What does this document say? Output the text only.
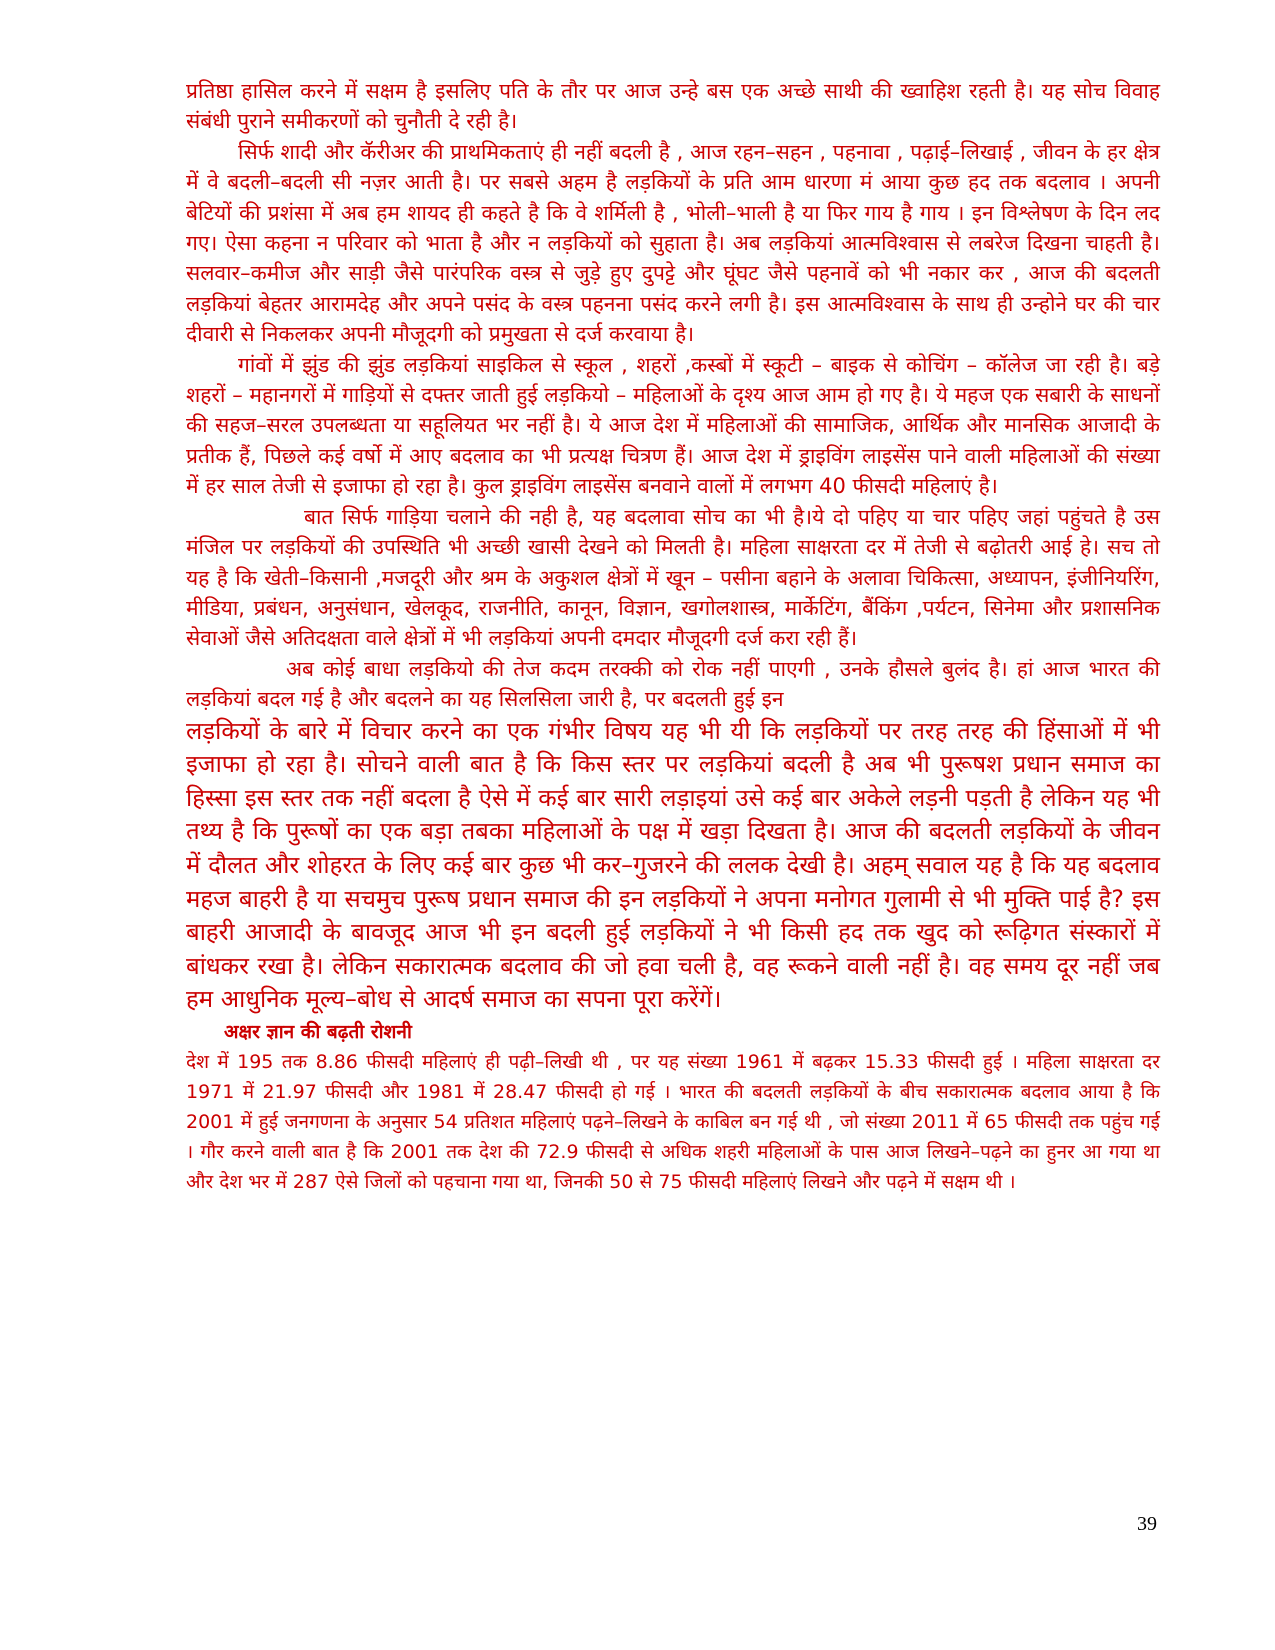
प्रतिष्ठा हासिल करने में सक्षम है इसलिए पति के तौर पर आज उन्हे बस एक अच्छे साथी की ख्वाहिश रहती है। यह सोच विवाह संबंधी पुराने समीकरणों को चुनौती दे रही है।

सिर्फ शादी और कॅरीअर की प्राथमिकताएं ही नहीं बदली है , आज रहन–सहन , पहनावा , पढ़ाई–लिखाई , जीवन के हर क्षेत्र में वे बदली–बदली सी नज़र आती है। पर सबसे अहम है लड़कियों के प्रति आम धारणा मं आया कुछ हद तक बदलाव । अपनी बेटियों की प्रशंसा में अब हम शायद ही कहते है कि वे शर्मिली है , भोली–भाली है या फिर गाय है गाय । इन विश्लेषण के दिन लद गए। ऐसा कहना न परिवार को भाता है और न लड़कियों को सुहाता है। अब लड़कियां आत्मविश्वास से लबरेज दिखना चाहती है। सलवार–कमीज और साड़ी जैसे पारंपरिक वस्त्र से जुड़े हुए दुपट्टे और घूंघट जैसे पहनावें को भी नकार कर , आज की बदलती लड़कियां बेहतर आरामदेह और अपने पसंद के वस्त्र पहनना पसंद करने लगी है। इस आत्मविश्वास के साथ ही उन्होने घर की चार दीवारी से निकलकर अपनी मौजूदगी को प्रमुखता से दर्ज करवाया है।

गांवों में झुंड की झुंड लड़कियां साइकिल से स्कूल , शहरों ,कस्बों में स्कूटी – बाइक से कोचिंग – कॉलेज जा रही है। बड़े शहरों – महानगरों में गाड़ियों से दफ्तर जाती हुई लड़कियो – महिलाओं के दृश्य आज आम हो गए है। ये महज एक सबारी के साधनों की सहज–सरल उपलब्धता या सहूलियत भर नहीं है। ये आज देश में महिलाओं की सामाजिक, आर्थिक और मानसिक आजादी के प्रतीक हैं, पिछले कई वर्षो में आए बदलाव का भी प्रत्यक्ष चित्रण हैं। आज देश में ड्राइविंग लाइसेंस पाने वाली महिलाओं की संख्या में हर साल तेजी से इजाफा हो रहा है। कुल ड्राइविंग लाइसेंस बनवाने वालों में लगभग 40 फीसदी महिलाएं है।

बात सिर्फ गाड़िया चलाने की नही है, यह बदलावा सोच का भी है।ये दो पहिए या चार पहिए जहां पहुंचते है उस मंजिल पर लड़कियों की उपस्थिति भी अच्छी खासी देखने को मिलती है। महिला साक्षरता दर में तेजी से बढ़ोतरी आई हे। सच तो यह है कि खेती–किसानी ,मजदूरी और श्रम के अकुशल क्षेत्रों में खून – पसीना बहाने के अलावा चिकित्सा, अध्यापन, इंजीनियरिंग, मीडिया, प्रबंधन, अनुसंधान, खेलकूद, राजनीति, कानून, विज्ञान, खगोलशास्त्र, मार्केटिंग, बैंकिंग ,पर्यटन, सिनेमा और प्रशासनिक सेवाओं जैसे अतिदक्षता वाले क्षेत्रों में भी लड़कियां अपनी दमदार मौजूदगी दर्ज करा रही हैं।

अब कोई बाधा लड़कियो की तेज कदम तरक्की को रोक नहीं पाएगी , उनके हौसले बुलंद है। हां आज भारत की लड़कियां बदल गई है और बदलने का यह सिलसिला जारी है, पर बदलती हुई इन

लड़कियों के बारे में विचार करने का एक गंभीर विषय यह भी यी कि लड़कियों पर तरह तरह की हिंसाओं में भी इजाफा हो रहा है। सोचने वाली बात है कि किस स्तर पर लड़कियां बदली है अब भी पुरूषश प्रधान समाज का हिस्सा इस स्तर तक नहीं बदला है ऐसे में कई बार सारी लड़ाइयां उसे कई बार अकेले लड़नी पड़ती है लेकिन यह भी तथ्य है कि पुरूषों का एक बड़ा तबका महिलाओं के पक्ष में खड़ा दिखता है। आज की बदलती लड़कियों के जीवन में दौलत और शोहरत के लिए कई बार कुछ भी कर–गुजरने की ललक देखी है। अहम् सवाल यह है कि यह बदलाव महज बाहरी है या सचमुच पुरूष प्रधान समाज की इन लड़कियों ने अपना मनोगत गुलामी से भी मुक्ति पाई है? इस बाहरी आजादी के बावजूद आज भी इन बदली हुई लड़कियों ने भी किसी हद तक खुद को रूढ़िगत संस्कारों में बांधकर रखा है। लेकिन सकारात्मक बदलाव की जो हवा चली है, वह रूकने वाली नहीं है। वह समय दूर नहीं जब हम आधुनिक मूल्य–बोध से आदर्ष समाज का सपना पूरा करेंगें।

अक्षर ज्ञान की बढ़ती रोशनी

देश में 195 तक 8.86 फीसदी महिलाएं ही पढ़ी–लिखी थी , पर यह संख्या 1961 में बढ़कर 15.33 फीसदी हुई । महिला साक्षरता दर 1971 में 21.97 फीसदी और 1981 में 28.47 फीसदी हो गई । भारत की बदलती लड़कियों के बीच सकारात्मक बदलाव आया है कि 2001 में हुई जनगणना के अनुसार 54 प्रतिशत महिलाएं पढ़ने–लिखने के काबिल बन गई थी , जो संख्या 2011 में 65 फीसदी तक पहुंच गई । गौर करने वाली बात है कि 2001 तक देश की 72.9 फीसदी से अधिक शहरी महिलाओं के पास आज लिखने–पढ़ने का हुनर आ गया था और देश भर में 287 ऐसे जिलों को पहचाना गया था, जिनकी 50 से 75 फीसदी महिलाएं लिखने और पढ़ने में सक्षम थी ।

39
